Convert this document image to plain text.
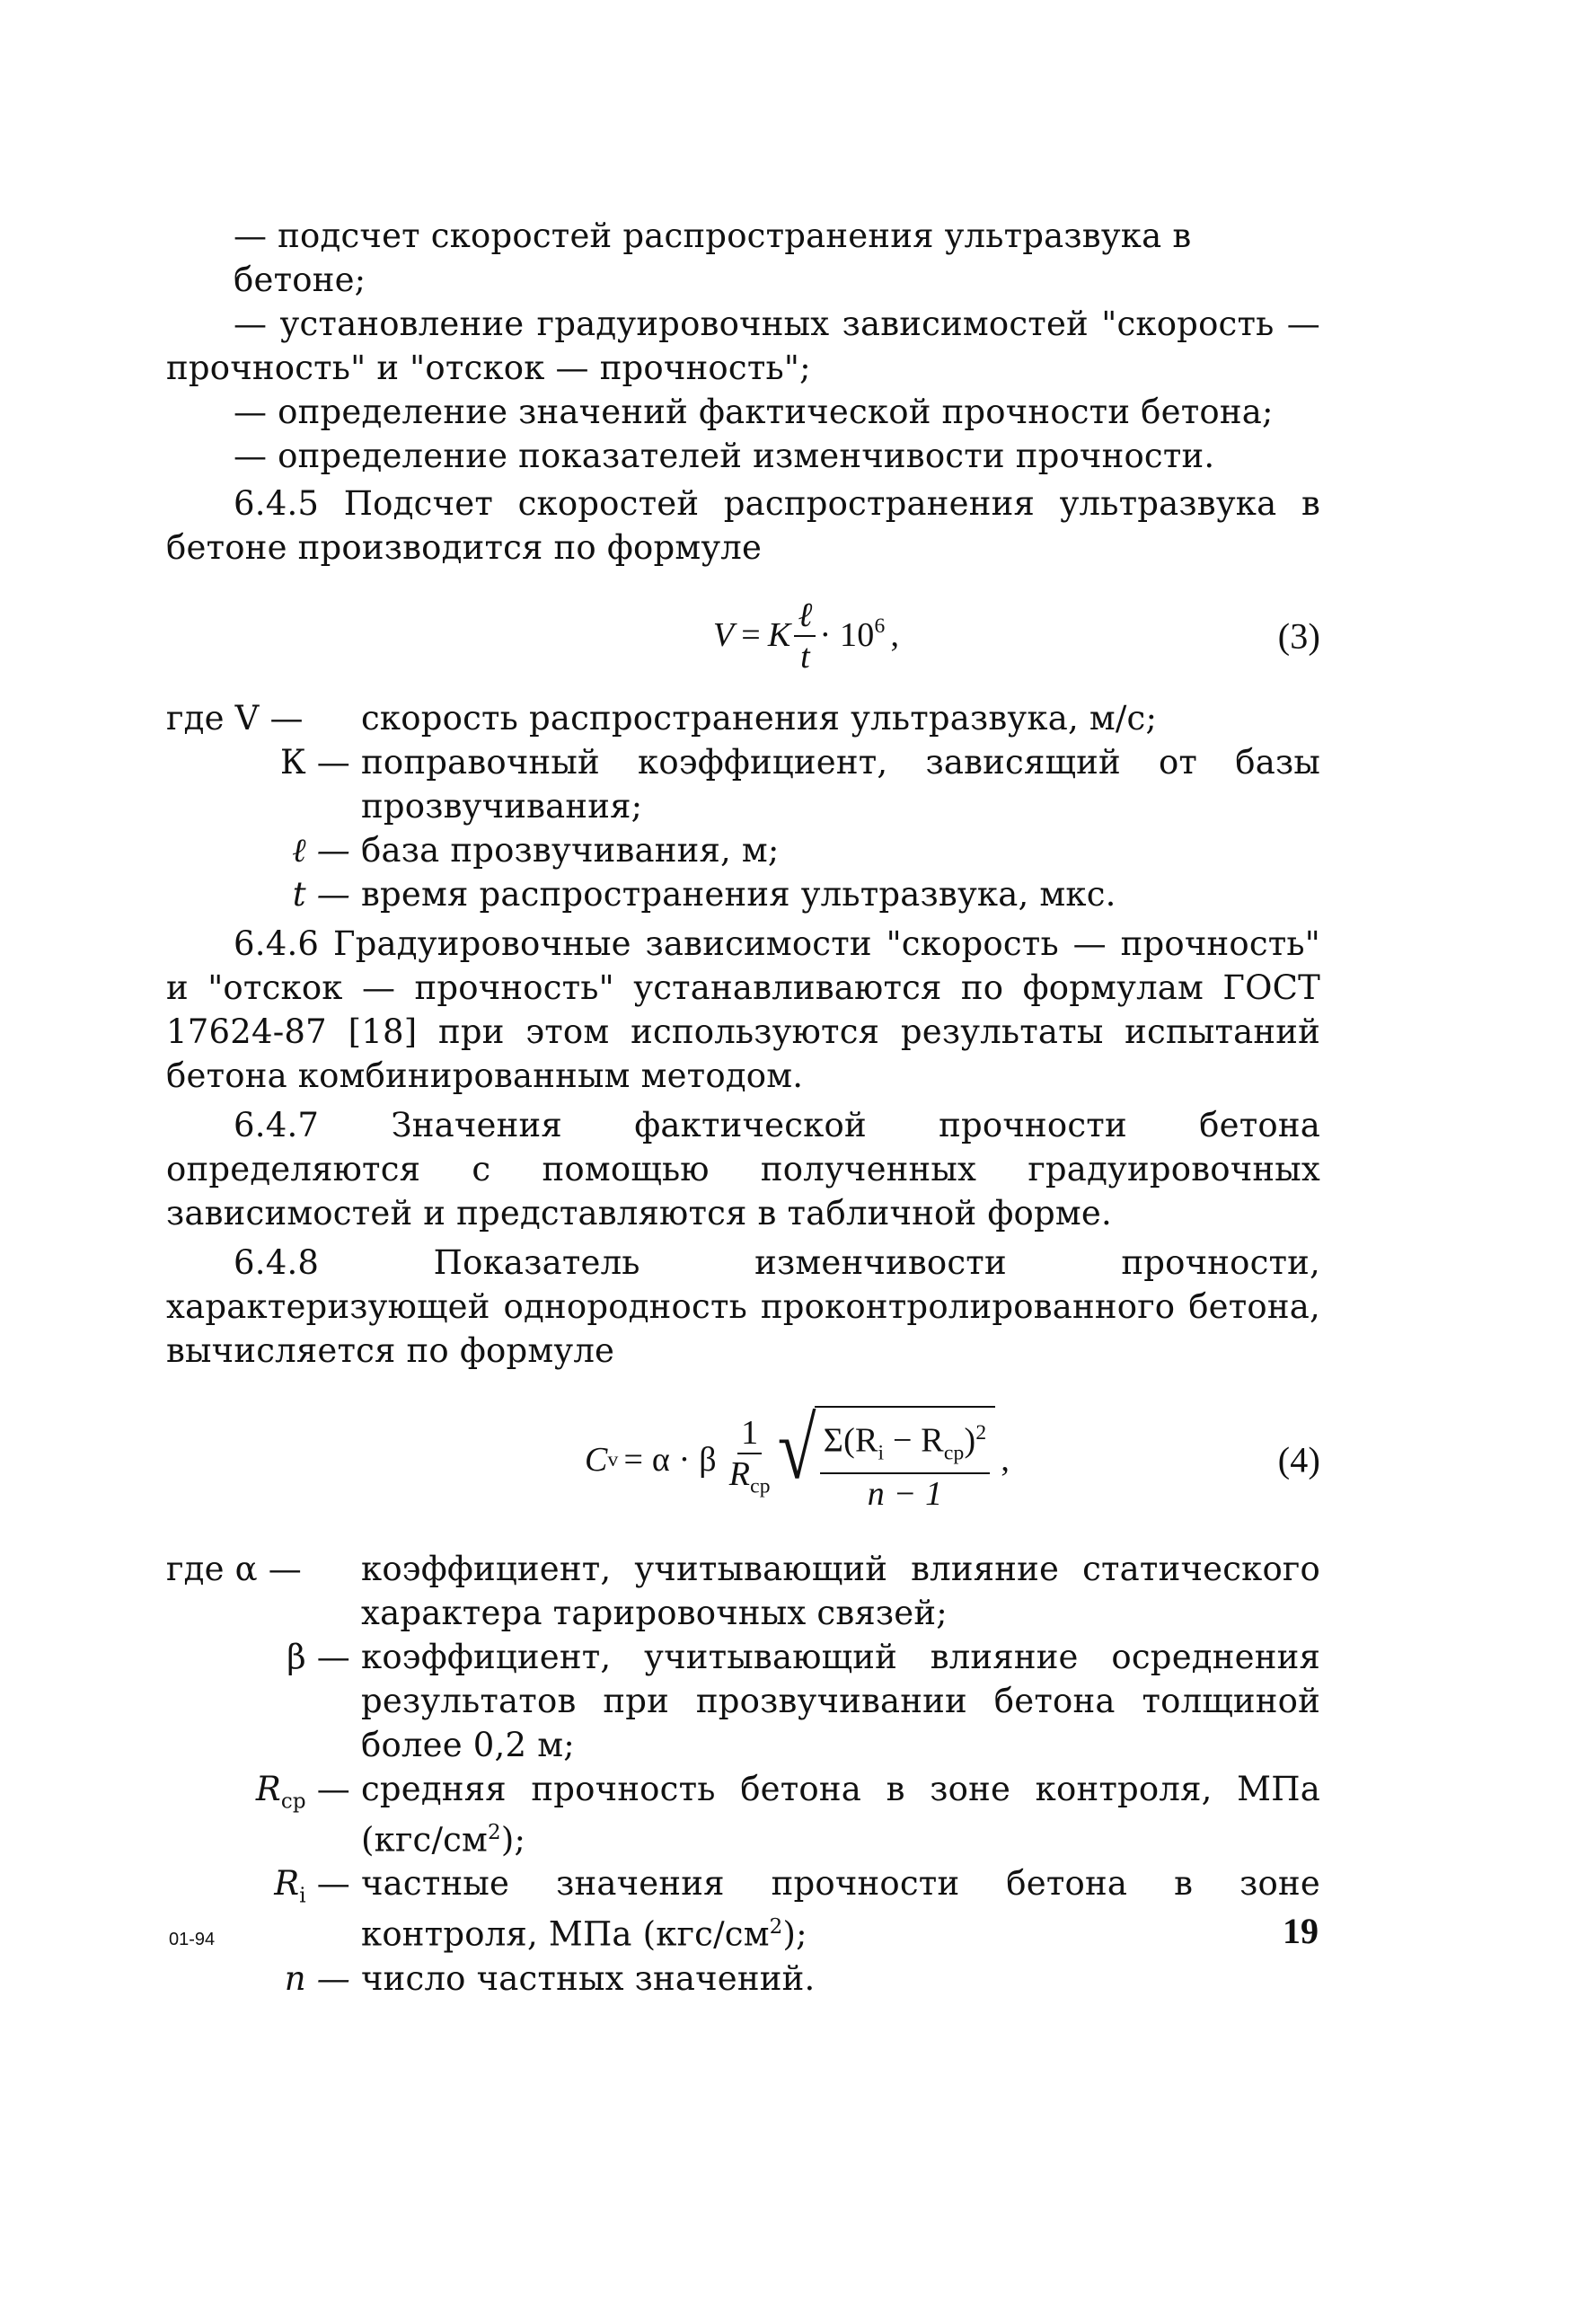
— подсчет скоростей распространения ультразвука в бетоне;

— установление градуировочных зависимостей "скорость — прочность" и "отскок — прочность";

— определение значений фактической прочности бетона;

— определение показателей изменчивости прочности.

6.4.5 Подсчет скоростей распространения ультразвука в бетоне производится по формуле

V = K $\frac{\text{ℓ}}{t} \cdot 10^6$ ,	(3)
где V —	скорость распространения ультразвука, м/с;
К — поправочный коэффициент, зависящий от базы прозвучивания;
ℓ — база прозвучивания, м;
t — время распространения ультразвука, мкс.

6.4.6 Градуировочные зависимости "скорость — прочность" и "отскок — прочность" устанавливаются по формулам ГОСТ 17624-87 [18] при этом используются результаты испытаний бетона комбинированным методом.

6.4.7 Значения фактической прочности бетона определяются с помощью полученных градуировочных зависимостей и представляются в табличной форме.

6.4.8 Показатель изменчивости прочности, характеризующей однородность проконтролированного бетона, вычисляется по формуле

C v = α · β $\frac{1}{R_{ср}}$ √ $\frac{\Sigma(R_i - R_{ср})^2}{n - 1}$ ,	(4)
где α —	коэффициент, учитывающий влияние статического характера тарировочных связей;
β — коэффициент, учитывающий влияние осреднения результатов при прозвучивании бетона толщиной более 0,2 м;
$R_{ср}$ — средняя прочность бетона в зоне контроля, МПа $(кгс/см^2)$;
$R_i$ — частные значения прочности бетона в зоне контроля, МПа $(кгс/см^2)$;
n — число частных значений.
01-94	19
